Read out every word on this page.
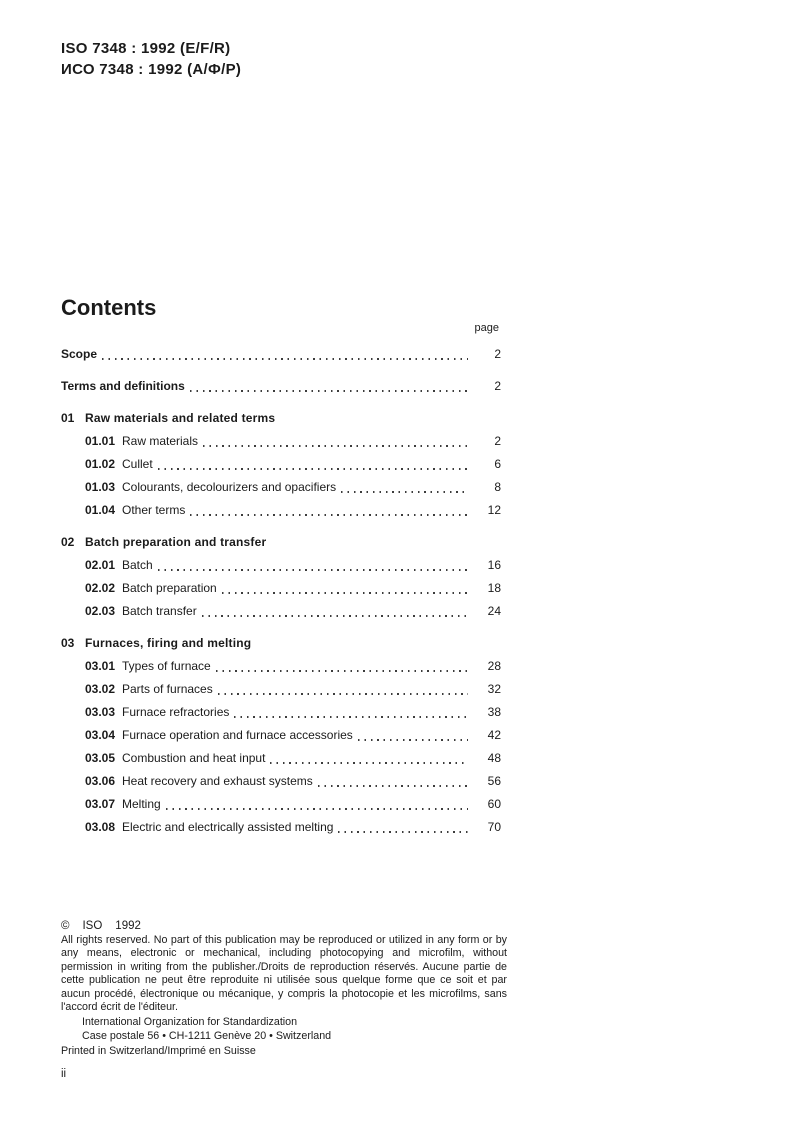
ISO 7348 : 1992 (E/F/R)
ИСО 7348 : 1992 (А/Ф/Р)
Contents
page
Scope	2
Terms and definitions	2
01 Raw materials and related terms
01.01 Raw materials	2
01.02 Cullet	6
01.03 Colourants, decolourizers and opacifiers	8
01.04 Other terms	12
02 Batch preparation and transfer
02.01 Batch	16
02.02 Batch preparation	18
02.03 Batch transfer	24
03 Furnaces, firing and melting
03.01 Types of furnace	28
03.02 Parts of furnaces	32
03.03 Furnace refractories	38
03.04 Furnace operation and furnace accessories	42
03.05 Combustion and heat input	48
03.06 Heat recovery and exhaust systems	56
03.07 Melting	60
03.08 Electric and electrically assisted melting	70
© ISO 1992
All rights reserved. No part of this publication may be reproduced or utilized in any form or by any means, electronic or mechanical, including photocopying and microfilm, without permission in writing from the publisher./Droits de reproduction réservés. Aucune partie de cette publication ne peut être reproduite ni utilisée sous quelque forme que ce soit et par aucun procédé, électronique ou mécanique, y compris la photocopie et les microfilms, sans l'accord écrit de l'éditeur.
International Organization for Standardization
Case postale 56 • CH-1211 Genève 20 • Switzerland
Printed in Switzerland/Imprimé en Suisse
ii
